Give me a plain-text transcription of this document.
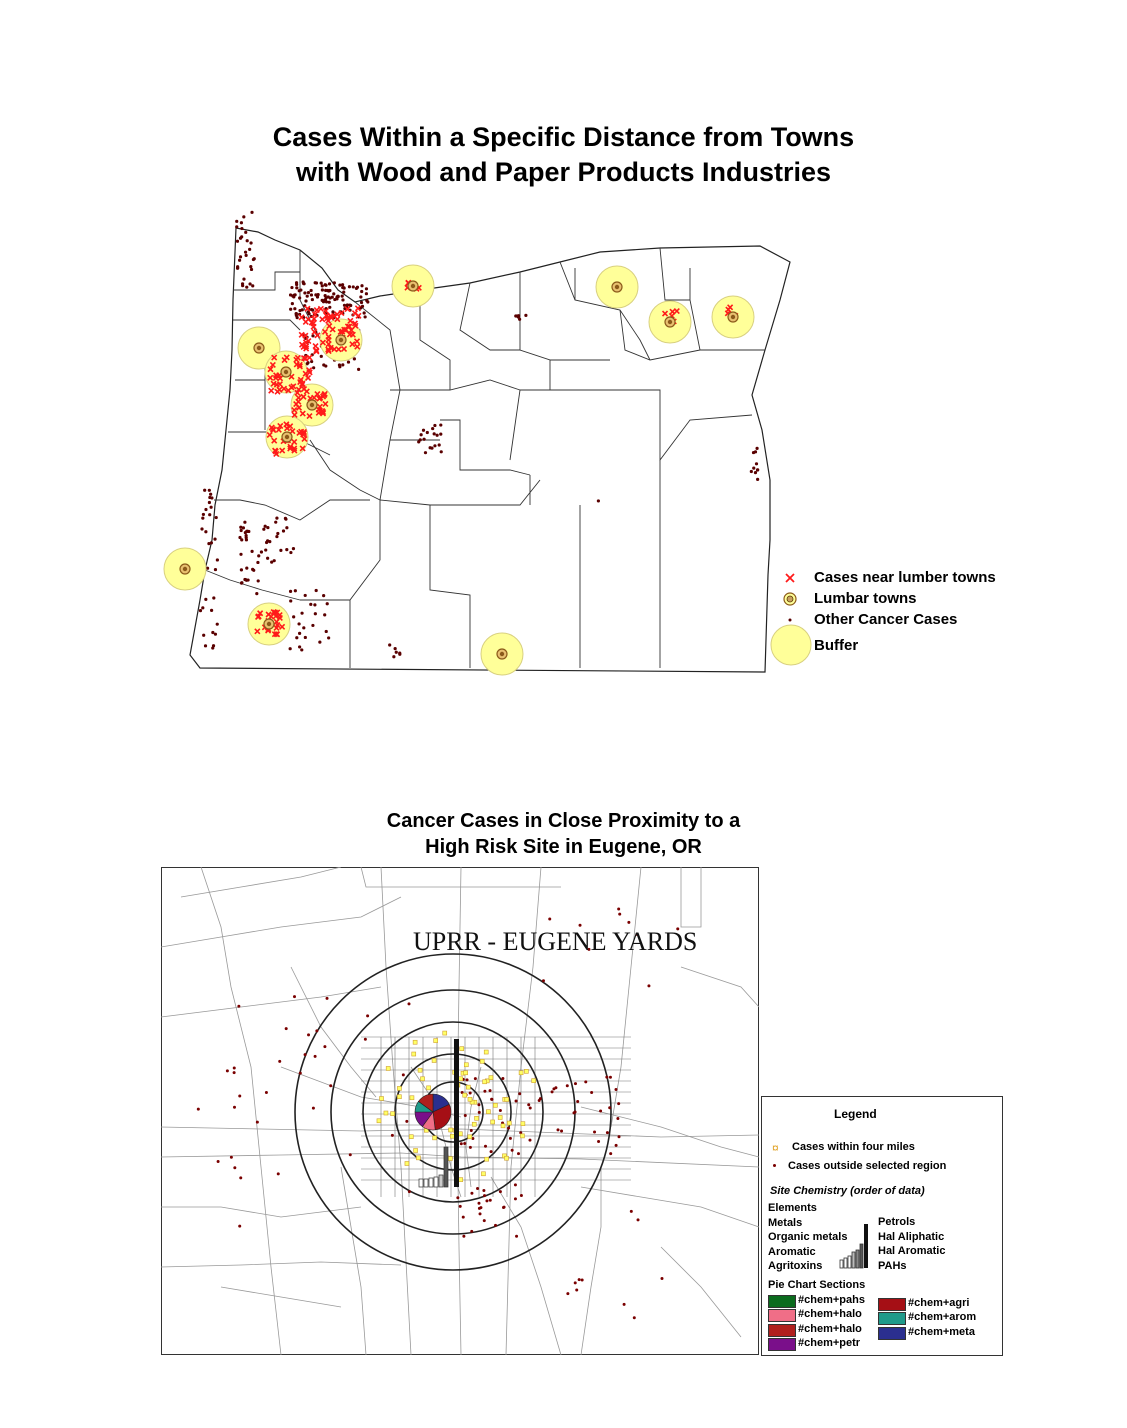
Cases Within a Specific Distance from Towns
with Wood and Paper Products Industries
Cases near lumber towns
Lumbar towns
Other Cancer Cases
Buffer
Cancer Cases in Close Proximity to a
High Risk Site in Eugene, OR
UPRR - EUGENE YARDS
Legend
¤ Cases within four miles
Cases outside selected region
Site Chemistry (order of data)
Elements
Metals
Organic metals
Aromatic
Agritoxins
Petrols
Hal Aliphatic
Hal Aromatic
PAHs
Pie Chart Sections
#chem+pahs
#chem+halo
#chem+halo
#chem+petr
#chem+agri
#chem+arom
#chem+meta
